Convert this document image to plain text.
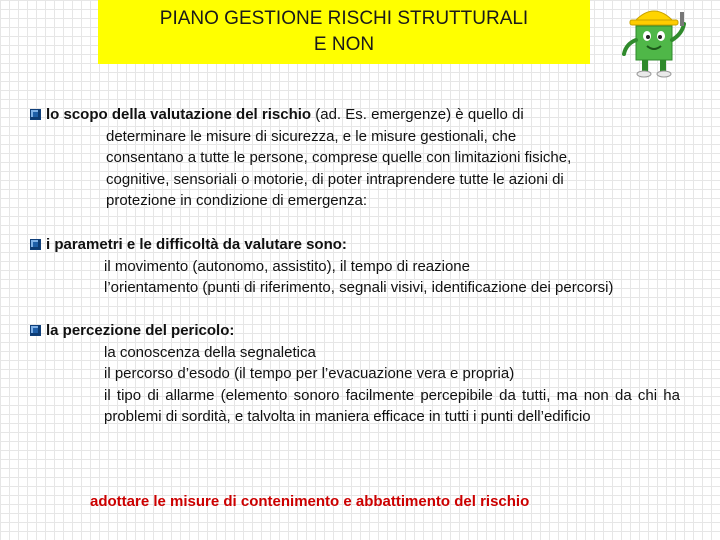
PIANO GESTIONE RISCHI STRUTTURALI
E NON
lo scopo della valutazione del rischio (ad. Es. emergenze) è quello di
determinare le misure di sicurezza, e le misure gestionali, che
consentano a tutte le persone, comprese quelle con limitazioni fisiche,
cognitive, sensoriali o motorie, di poter intraprendere tutte le azioni di
protezione in condizione di emergenza:
i parametri e le difficoltà da valutare sono:
il movimento (autonomo, assistito), il tempo di reazione
l’orientamento (punti di riferimento, segnali visivi, identificazione dei percorsi)
la percezione del pericolo:
la conoscenza della segnaletica
il percorso d’esodo (il tempo per l’evacuazione vera e propria)
il tipo di allarme (elemento sonoro facilmente percepibile da tutti, ma non da chi ha problemi di sordità, e talvolta in maniera efficace in tutti i punti dell’edificio
adottare le misure di contenimento e abbattimento del rischio
